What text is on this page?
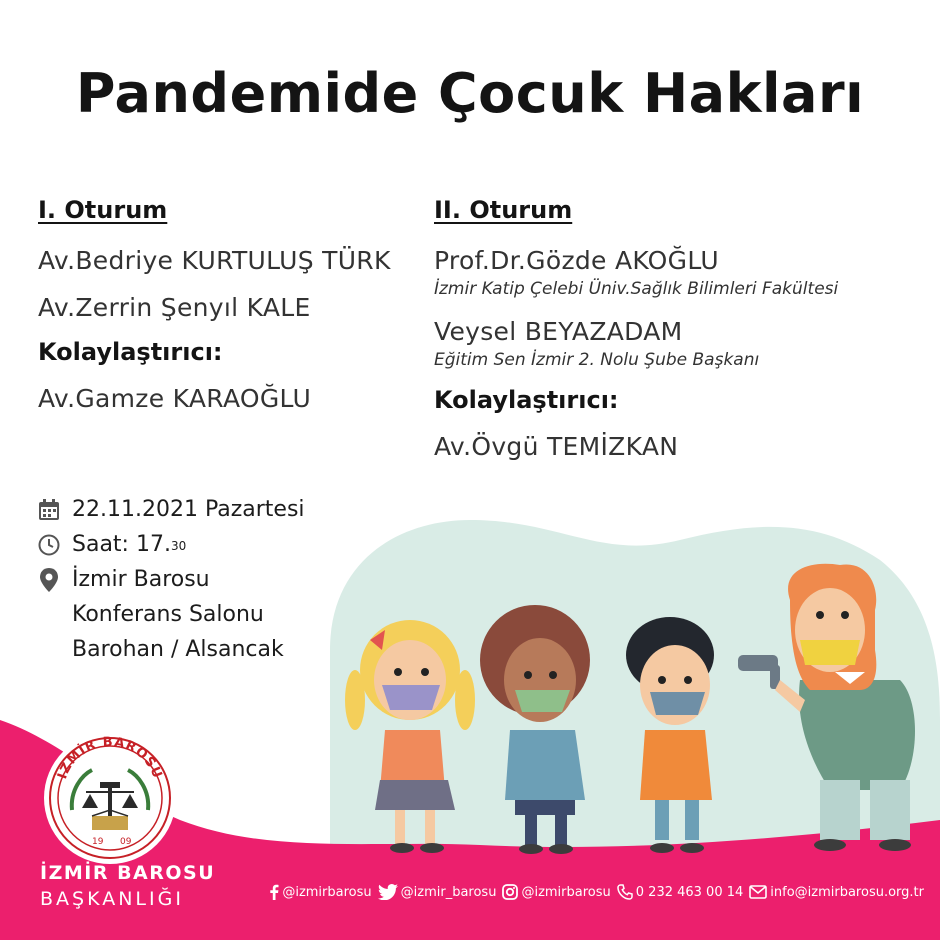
Pandemide Çocuk Hakları
I. Oturum
Av.Bedriye KURTULUŞ TÜRK
Av.Zerrin Şenyıl KALE
Kolaylaştırıcı:
Av.Gamze KARAOĞLU
II. Oturum
Prof.Dr.Gözde AKOĞLU
İzmir Katip Çelebi Üniv.Sağlık Bilimleri Fakültesi
Veysel BEYAZADAM
Eğitim Sen İzmir 2. Nolu Şube Başkanı
Kolaylaştırıcı:
Av.Övgü TEMİZKAN
22.11.2021 Pazartesi
Saat: 17.30
İzmir Barosu
Konferans Salonu
Barohan / Alsancak
İZMİR BAROSU
19 09
İZMİR BAROSU
BAŞKANLIĞI	@izmirbarosu @izmir_barosu @izmirbarosu 0 232 463 00 14 info@izmirbarosu.org.tr
